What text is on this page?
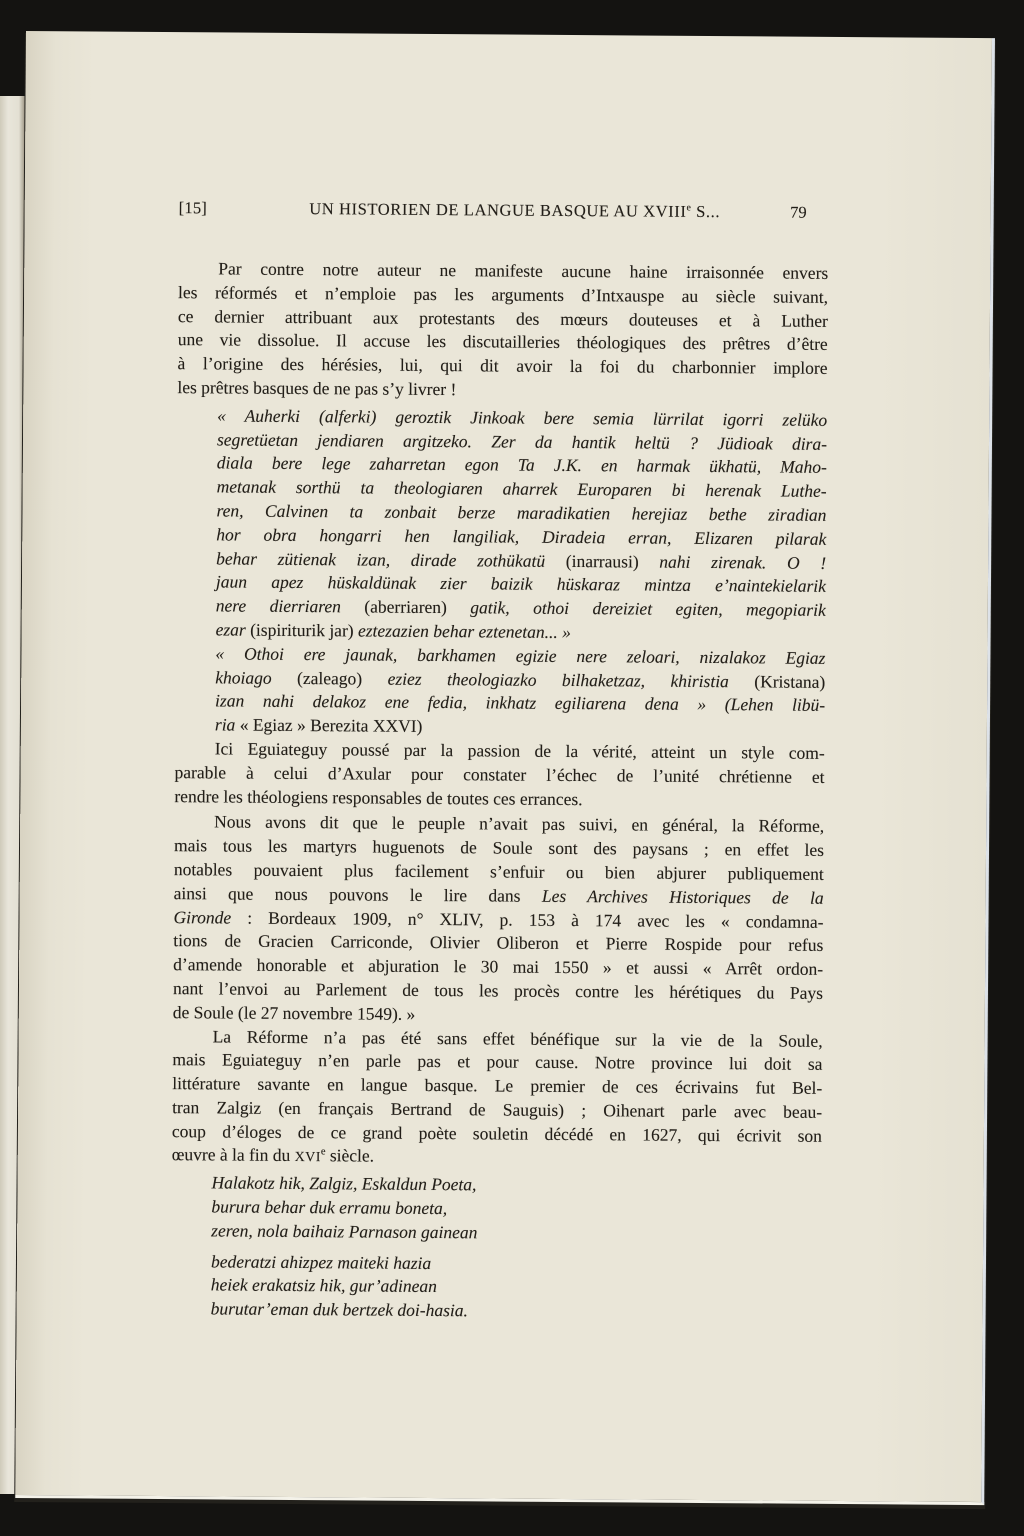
[15]	UN HISTORIEN DE LANGUE BASQUE AU XVIIIe S...	79
Par contre notre auteur ne manifeste aucune haine irraisonnée envers
les réformés et n’emploie pas les arguments d’Intxauspe au siècle suivant,
ce dernier attribuant aux protestants des mœurs douteuses et à Luther
une vie dissolue. Il accuse les discutailleries théologiques des prêtres d’être
à l’origine des hérésies, lui, qui dit avoir la foi du charbonnier implore
les prêtres basques de ne pas s’y livrer !
« Auherki (alferki) geroztik Jinkoak bere semia lürrilat igorri zelüko
segretüetan jendiaren argitzeko. Zer da hantik heltü ? Jüdioak dira-
diala bere lege zaharretan egon Ta J.K. en harmak ükhatü, Maho-
metanak sorthü ta theologiaren aharrek Europaren bi herenak Luthe-
ren, Calvinen ta zonbait berze maradikatien herejiaz bethe ziradian
hor obra hongarri hen langiliak, Diradeia erran, Elizaren pilarak
behar zütienak izan, dirade zothükatü (inarrausi) nahi zirenak. O !
jaun apez hüskaldünak zier baizik hüskaraz mintza e’naintekielarik
nere dierriaren (aberriaren) gatik, othoi dereiziet egiten, megopiarik
ezar (ispiriturik jar) eztezazien behar eztenetan... »
« Othoi ere jaunak, barkhamen egizie nere zeloari, nizalakoz Egiaz
khoiago (zaleago) eziez theologiazko bilhaketzaz, khiristia (Kristana)
izan nahi delakoz ene fedia, inkhatz egiliarena dena » (Lehen libü-
ria « Egiaz » Berezita XXVI)
Ici Eguiateguy poussé par la passion de la vérité, atteint un style com-
parable à celui d’Axular pour constater l’échec de l’unité chrétienne et
rendre les théologiens responsables de toutes ces errances.
Nous avons dit que le peuple n’avait pas suivi, en général, la Réforme,
mais tous les martyrs huguenots de Soule sont des paysans ; en effet les
notables pouvaient plus facilement s’enfuir ou bien abjurer publiquement
ainsi que nous pouvons le lire dans Les Archives Historiques de la
Gironde : Bordeaux 1909, n° XLIV, p. 153 à 174 avec les « condamna-
tions de Gracien Carriconde, Olivier Oliberon et Pierre Rospide pour refus
d’amende honorable et abjuration le 30 mai 1550 » et aussi « Arrêt ordon-
nant l’envoi au Parlement de tous les procès contre les hérétiques du Pays
de Soule (le 27 novembre 1549). »
La Réforme n’a pas été sans effet bénéfique sur la vie de la Soule,
mais Eguiateguy n’en parle pas et pour cause. Notre province lui doit sa
littérature savante en langue basque. Le premier de ces écrivains fut Bel-
tran Zalgiz (en français Bertrand de Sauguis) ; Oihenart parle avec beau-
coup d’éloges de ce grand poète souletin décédé en 1627, qui écrivit son
œuvre à la fin du XVIe siècle.
Halakotz hik, Zalgiz, Eskaldun Poeta,
burura behar duk erramu boneta,
zeren, nola baihaiz Parnason gainean
bederatzi ahizpez maiteki hazia
heiek erakatsiz hik, gur’adinean
burutar’eman duk bertzek doi-hasia.
